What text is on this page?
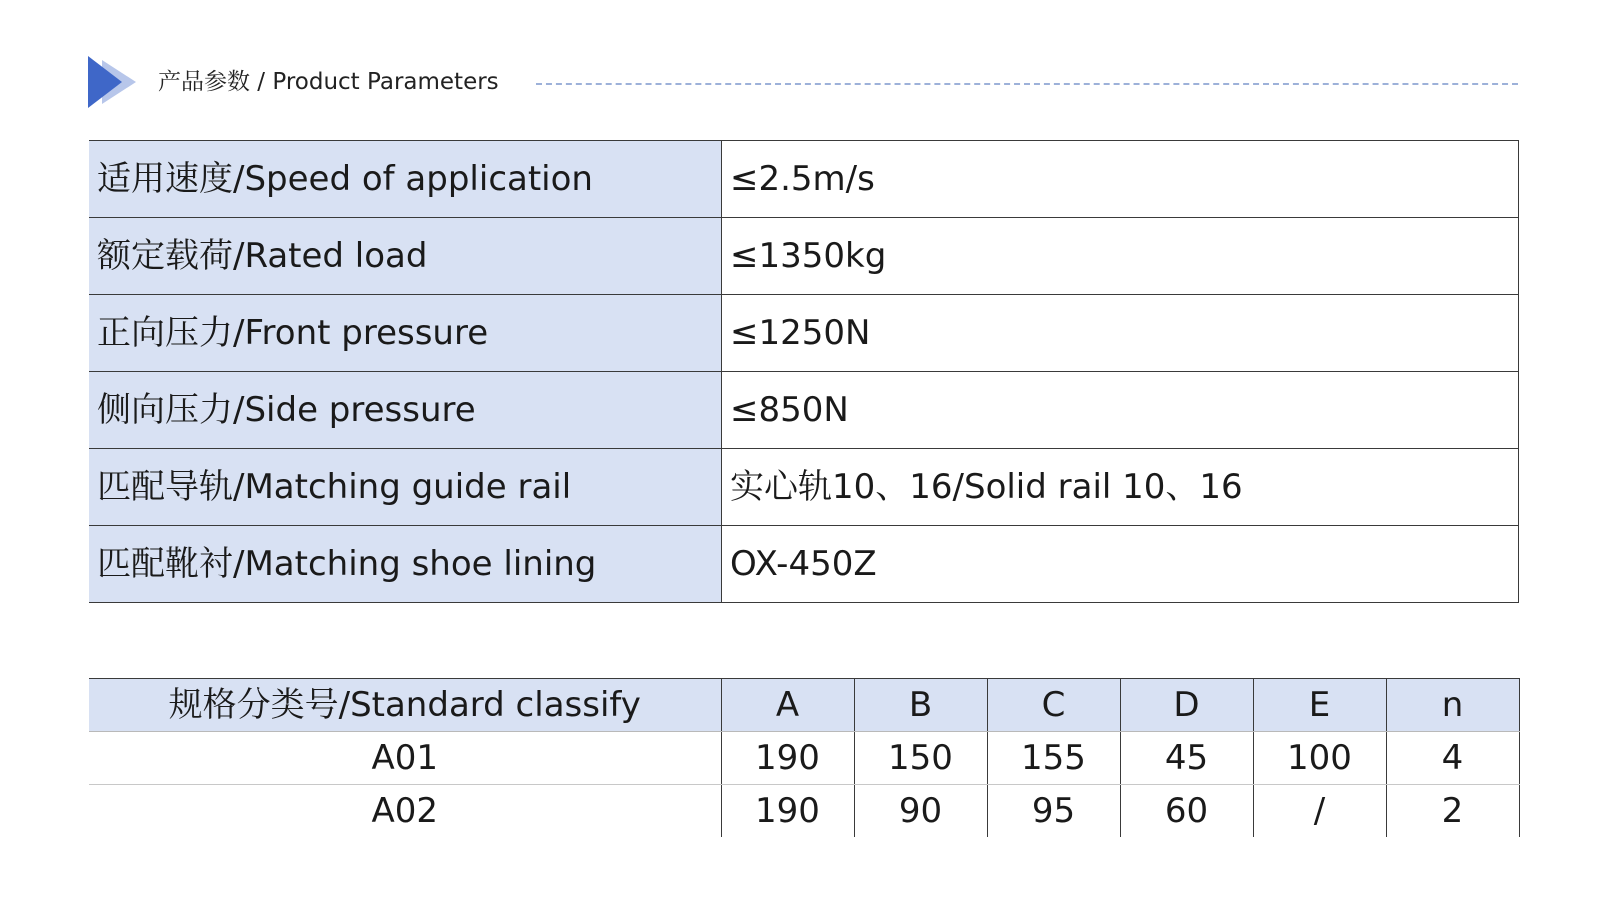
产品参数 / Product Parameters
适用速度/Speed of application	≤2.5m/s
额定载荷/Rated load	≤1350kg
正向压力/Front pressure	≤1250N
侧向压力/Side pressure	≤850N
匹配导轨/Matching guide rail	实心轨10、16/Solid rail 10、16
匹配靴衬/Matching shoe lining	OX-450Z
规格分类号/Standard classify	A	B	C	D	E	n
A01	190	150	155	45	100	4
A02	190	90	95	60	/	2
